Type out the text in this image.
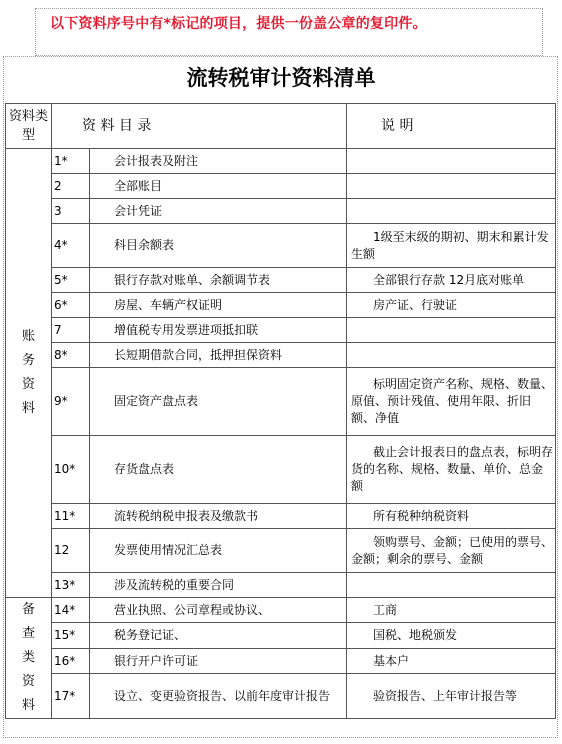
以下资料序号中有*标记的项目，提供一份盖公章的复印件。
流转税审计资料清单
资料类型	资 料 目 录		说 明

账务资料	1*	会计报表及附注	
	2	全部账目	
	3	会计凭证	
	4*	科目余额表	1级至末级的期初、期末和累计发生额
	5*	银行存款对账单、余额调节表	全部银行存款 12月底对账单
	6*	房屋、车辆产权证明	房产证、行驶证
	7	增值税专用发票进项抵扣联	
	8*	长短期借款合同，抵押担保资料	
	9*	固定资产盘点表	标明固定资产名称、规格、数量、原值、预计残值、使用年限、折旧额、净值
	10*	存货盘点表	截止会计报表日的盘点表，标明存货的名称、规格、数量、单价、总金额
	11*	流转税纳税申报表及缴款书	所有税种纳税资料
	12	发票使用情况汇总表	领购票号、金额；已使用的票号、金额；剩余的票号、金额
	13*	涉及流转税的重要合同	

备查类资料	14*	营业执照、公司章程或协议、	工商
	15*	税务登记证、	国税、地税颁发
	16*	银行开户许可证	基本户
	17*	设立、变更验资报告、以前年度审计报告	验资报告、上年审计报告等
